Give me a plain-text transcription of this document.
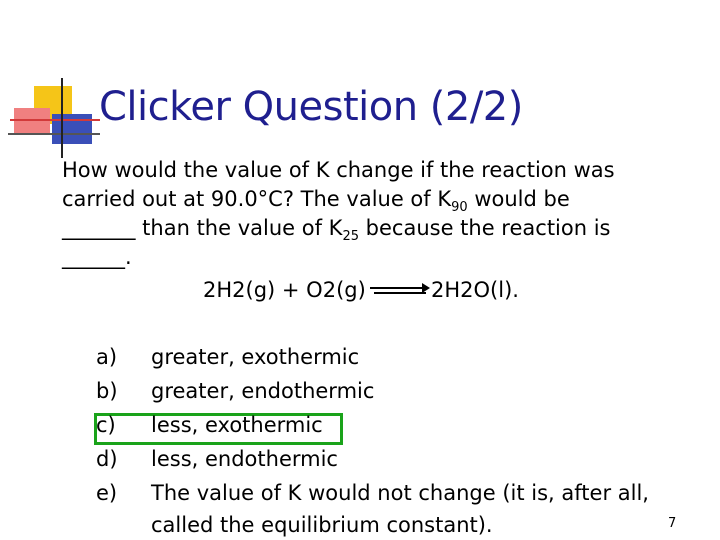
Clicker Question (2/2)
How would the value of K change if the reaction was
carried out at 90.0°C? The value of $K_{90}$ would be
_______ than the value of $K_{25}$ because the reaction is
______.
2H2(g) + O2(g)	2H2O(l).
a)	greater, exothermic
b)	greater, endothermic
c)	less, exothermic
d)	less, endothermic
e)	The value of K would not change (it is, after all,
called the equilibrium constant).	7
